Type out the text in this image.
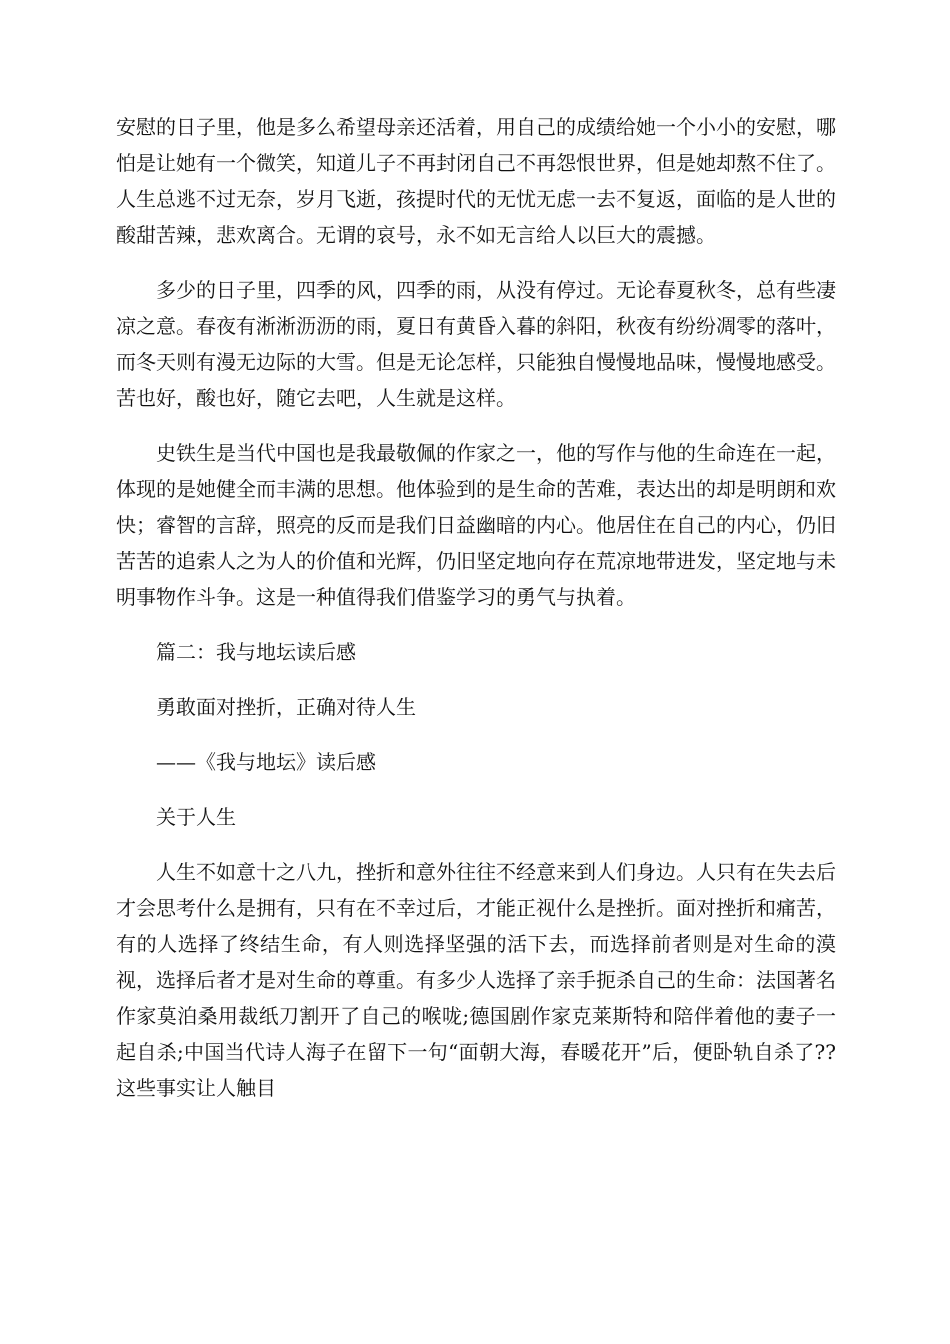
安慰的日子里，他是多么希望母亲还活着，用自己的成绩给她一个小小的安慰，哪怕是让她有一个微笑，知道儿子不再封闭自己不再怨恨世界，但是她却熬不住了。人生总逃不过无奈，岁月飞逝，孩提时代的无忧无虑一去不复返，面临的是人世的酸甜苦辣，悲欢离合。无谓的哀号，永不如无言给人以巨大的震撼。

多少的日子里，四季的风，四季的雨，从没有停过。无论春夏秋冬，总有些凄凉之意。春夜有淅淅沥沥的雨，夏日有黄昏入暮的斜阳，秋夜有纷纷凋零的落叶，而冬天则有漫无边际的大雪。但是无论怎样，只能独自慢慢地品味，慢慢地感受。苦也好，酸也好，随它去吧，人生就是这样。

史铁生是当代中国也是我最敬佩的作家之一，他的写作与他的生命连在一起，体现的是她健全而丰满的思想。他体验到的是生命的苦难，表达出的却是明朗和欢快；睿智的言辞，照亮的反而是我们日益幽暗的内心。他居住在自己的内心，仍旧苦苦的追索人之为人的价值和光辉，仍旧坚定地向存在荒凉地带进发，坚定地与未明事物作斗争。这是一种值得我们借鉴学习的勇气与执着。

篇二：我与地坛读后感

勇敢面对挫折，正确对待人生

——《我与地坛》读后感

关于人生

人生不如意十之八九，挫折和意外往往不经意来到人们身边。人只有在失去后才会思考什么是拥有，只有在不幸过后，才能正视什么是挫折。面对挫折和痛苦，有的人选择了终结生命，有人则选择坚强的活下去，而选择前者则是对生命的漠视，选择后者才是对生命的尊重。有多少人选择了亲手扼杀自己的生命：法国著名作家莫泊桑用裁纸刀割开了自己的喉咙;德国剧作家克莱斯特和陪伴着他的妻子一起自杀;中国当代诗人海子在留下一句“面朝大海，春暖花开”后，便卧轨自杀了??这些事实让人触目
